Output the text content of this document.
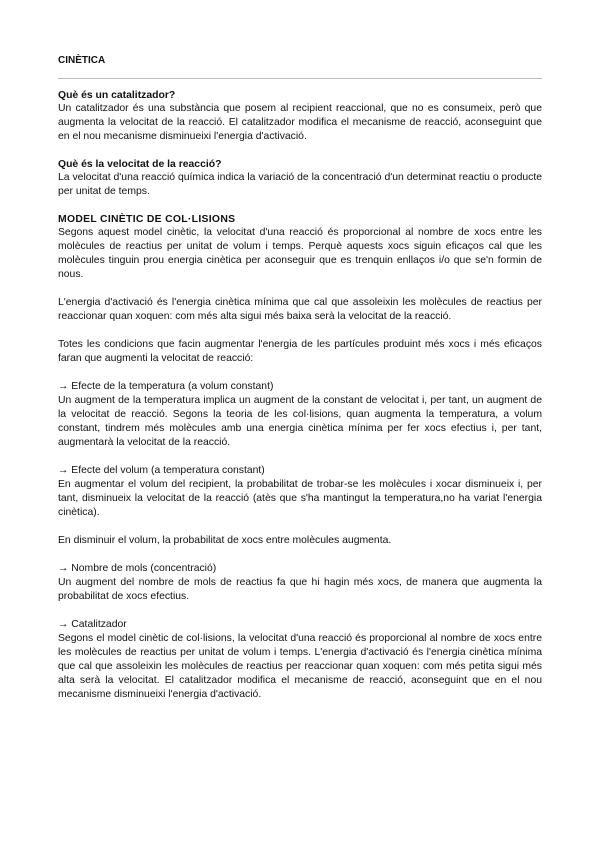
CINÈTICA
Què és un catalitzador?

Un catalitzador és una substància que posem al recipient reaccional, que no es consumeix, però que augmenta la velocitat de la reacció. El catalitzador modifica el mecanisme de reacció, aconseguint que en el nou mecanisme disminueixi l'energia d'activació.

Què és la velocitat de la reacció?

La velocitat d'una reacció química indica la variació de la concentració d'un determinat reactiu o producte per unitat de temps.

MODEL CINÈTIC DE COL·LISIONS

Segons aquest model cinètic, la velocitat d'una reacció és proporcional al nombre de xocs entre les molècules de reactius per unitat de volum i temps. Perquè aquests xocs siguin eficaços cal que les molècules tinguin prou energia cinètica per aconseguir que es trenquin enllaços i/o que se'n formin de nous.

L'energia d'activació és l'energia cinètica mínima que cal que assoleixin les molècules de reactius per reaccionar quan xoquen: com més alta sigui més baixa serà la velocitat de la reacció.

Totes les condicions que facin augmentar l'energia de les partícules produint més xocs i més eficaços faran que augmenti la velocitat de reacció:

→ Efecte de la temperatura (a volum constant)

Un augment de la temperatura implica un augment de la constant de velocitat i, per tant, un augment de la velocitat de reacció. Segons la teoria de les col·lisions, quan augmenta la temperatura, a volum constant, tindrem més molècules amb una energia cinètica mínima per fer xocs efectius i, per tant, augmentarà la velocitat de la reacció.

→ Efecte del volum (a temperatura constant)

En augmentar el volum del recipient, la probabilitat de trobar-se les molècules i xocar disminueix i, per tant, disminueix la velocitat de la reacció (atès que s'ha mantingut la temperatura,no ha variat l'energia cinètica).

En disminuir el volum, la probabilitat de xocs entre molècules augmenta.

→ Nombre de mols (concentració)

Un augment del nombre de mols de reactius fa que hi hagin més xocs, de manera que augmenta la probabilitat de xocs efectius.

→ Catalitzador

Segons el model cinètic de col·lisions, la velocitat d'una reacció és proporcional al nombre de xocs entre les molècules de reactius per unitat de volum i temps. L'energia d'activació és l'energia cinètica mínima que cal que assoleixin les molècules de reactius per reaccionar quan xoquen: com més petita sigui més alta serà la velocitat. El catalitzador modifica el mecanisme de reacció, aconseguint que en el nou mecanisme disminueixi l'energia d'activació.
